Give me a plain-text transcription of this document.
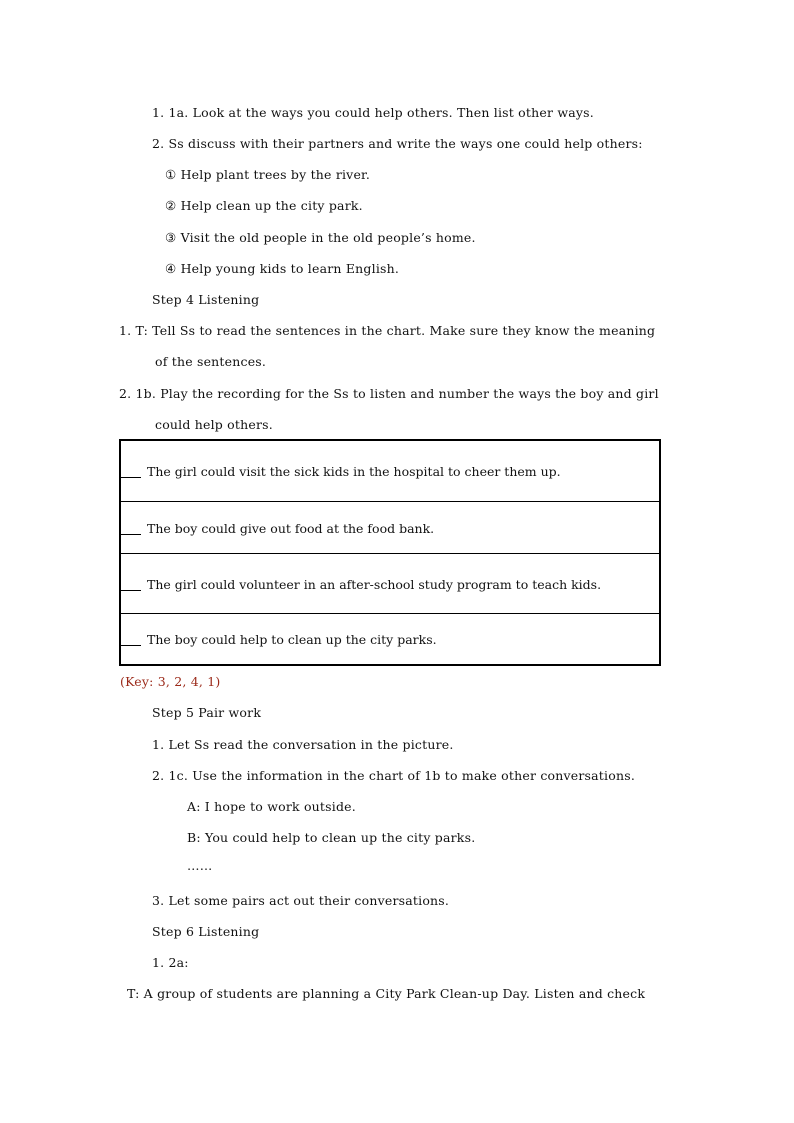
1. 1a. Look at the ways you could help others. Then list other ways.
2. Ss discuss with their partners and write the ways one could help others:
① Help plant trees by the river.
② Help clean up the city park.
③ Visit the old people in the old people’s home.
④ Help young kids to learn English.
Step 4 Listening
1. T: Tell Ss to read the sentences in the chart. Make sure they know the meaning
of the sentences.
2. 1b. Play the recording for the Ss to listen and number the ways the boy and girl
could help others.
The girl could visit the sick kids in the hospital to cheer them up.
The boy could give out food at the food bank.
The girl could volunteer in an after-school study program to teach kids.
The boy could help to clean up the city parks.
(Key: 3, 2, 4, 1)
Step 5 Pair work
1. Let Ss read the conversation in the picture.
2. 1c. Use the information in the chart of 1b to make other conversations.
A: I hope to work outside.
B: You could help to clean up the city parks.
……
3. Let some pairs act out their conversations.
Step 6 Listening
1. 2a:
T: A group of students are planning a City Park Clean-up Day. Listen and check
